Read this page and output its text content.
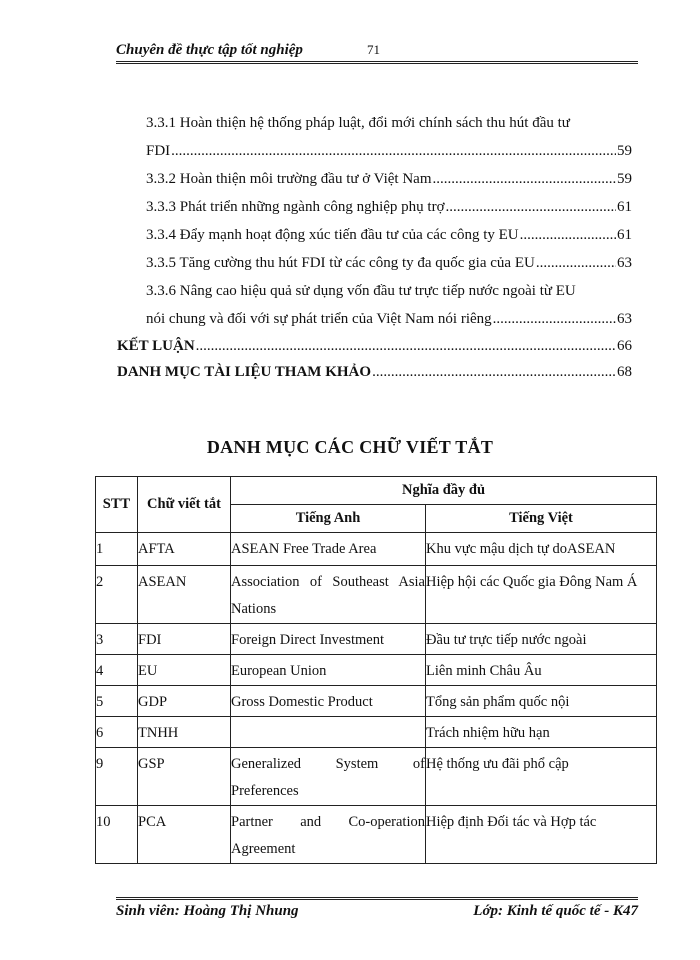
Chuyên đề thực tập tốt nghiệp	71
3.3.1 Hoàn thiện hệ thống pháp luật, đổi mới chính sách thu hút đầu tư
FDI .....	59
3.3.2 Hoàn thiện môi trường đầu tư ở Việt Nam .....	59
3.3.3 Phát triển những ngành công nghiệp phụ trợ .....	61
3.3.4 Đẩy mạnh hoạt động xúc tiến đầu tư của các công ty EU .....	61
3.3.5 Tăng cường thu hút FDI từ các công ty đa quốc gia của EU .....	63
3.3.6 Nâng cao hiệu quả sử dụng vốn đầu tư trực tiếp nước ngoài từ EU
nói chung và đối với sự phát triển của Việt Nam nói riêng .....	63
KẾT LUẬN .....	66
DANH MỤC TÀI LIỆU THAM KHẢO .....	68
DANH MỤC CÁC CHỮ VIẾT TẮT
STT	Chữ viết tắt	Nghĩa đầy đủ	
		Tiếng Anh	Tiếng Việt
1	AFTA	ASEAN Free Trade Area	Khu vực mậu dịch tự doASEAN
2	ASEAN	Association of Southeast Asia Nations	Hiệp hội các Quốc gia Đông Nam Á
3	FDI	Foreign Direct Investment	Đầu tư trực tiếp nước ngoài
4	EU	European Union	Liên minh Châu Âu
5	GDP	Gross Domestic Product	Tổng sản phẩm quốc nội
6	TNHH		Trách nhiệm hữu hạn
9	GSP	Generalized System of Preferences	Hệ thống ưu đãi phổ cập
10	PCA	Partner and Co-operation Agreement	Hiệp định Đối tác và Hợp tác
Sinh viên: Hoàng Thị Nhung	Lớp: Kinh tế quốc tế - K47
